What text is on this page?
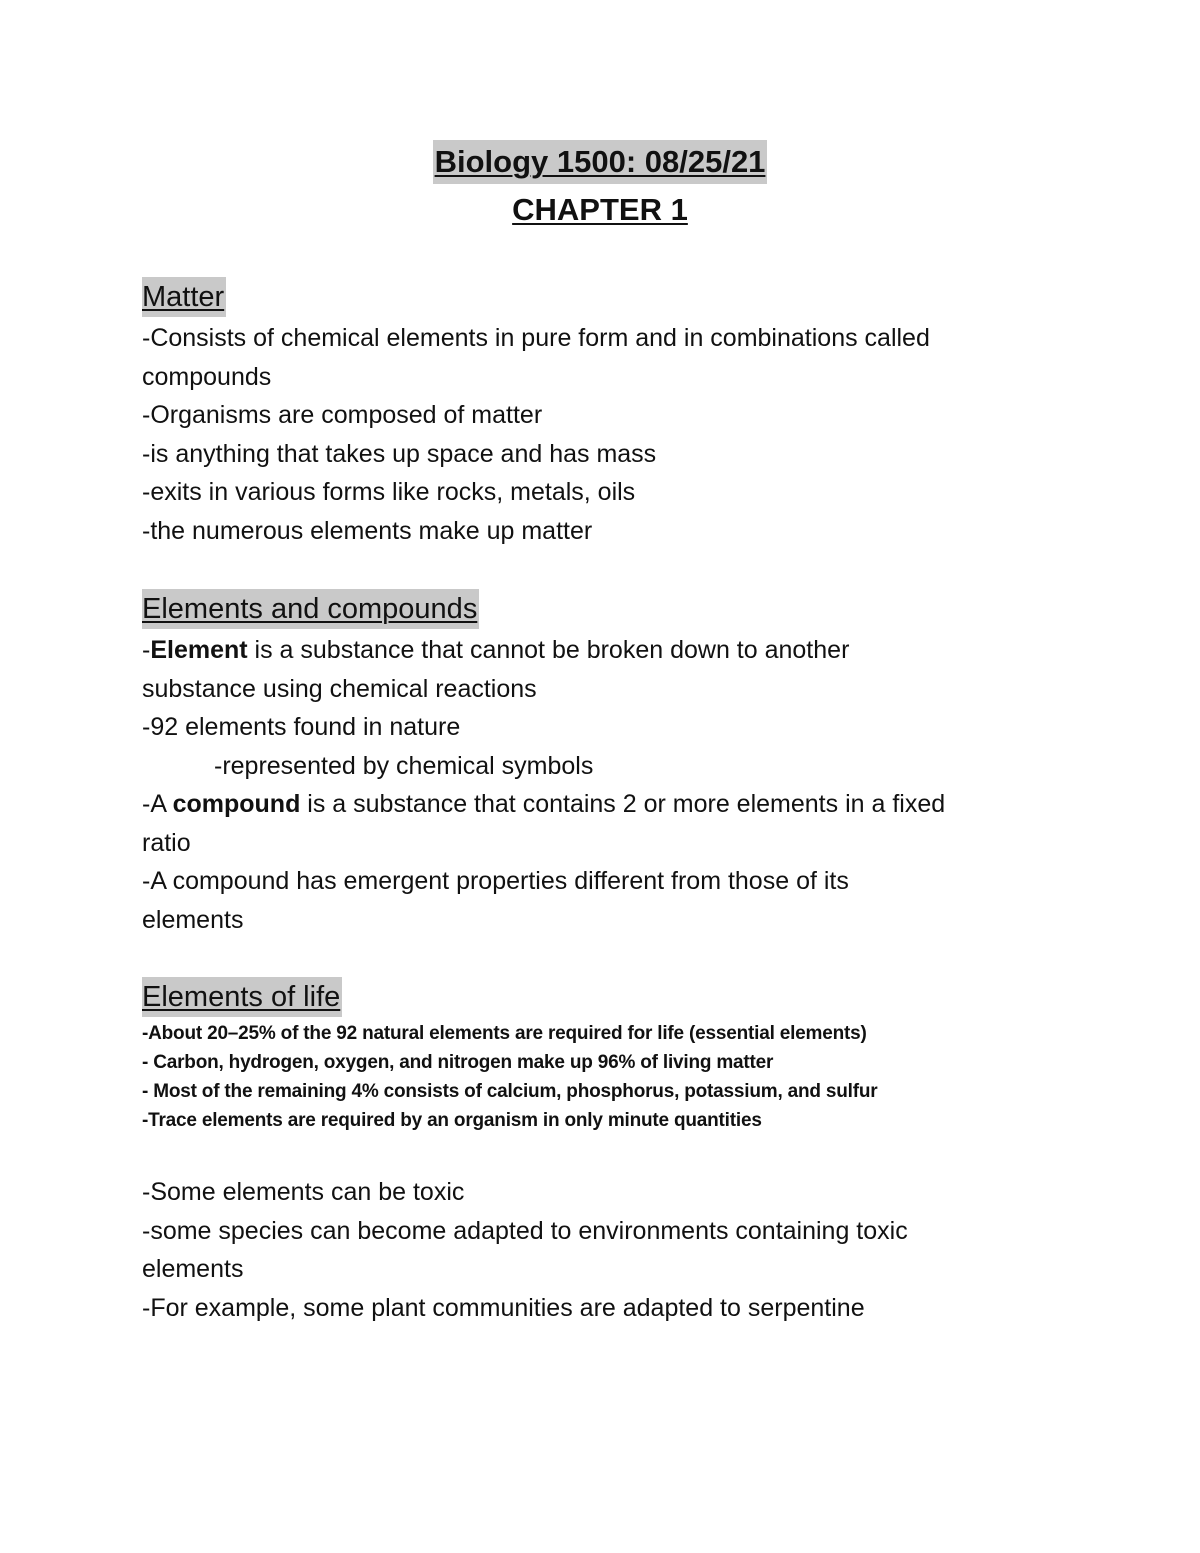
Biology 1500: 08/25/21
CHAPTER 1
Matter
-Consists of chemical elements in pure form and in combinations called
compounds
-Organisms are composed of matter
-is anything that takes up space and has mass
-exits in various forms like rocks, metals, oils
-the numerous elements make up matter
Elements and compounds
-Element is a substance that cannot be broken down to another
substance using chemical reactions
-92 elements found in nature
-represented by chemical symbols
-A compound is a substance that contains 2 or more elements in a fixed
ratio
-A compound has emergent properties different from those of its
elements
Elements of life
-About 20–25% of the 92 natural elements are required for life (essential elements)
- Carbon, hydrogen, oxygen, and nitrogen make up 96% of living matter
- Most of the remaining 4% consists of calcium, phosphorus, potassium, and sulfur
-Trace elements are required by an organism in only minute quantities
-Some elements can be toxic
-some species can become adapted to environments containing toxic
elements
-For example, some plant communities are adapted to serpentine
